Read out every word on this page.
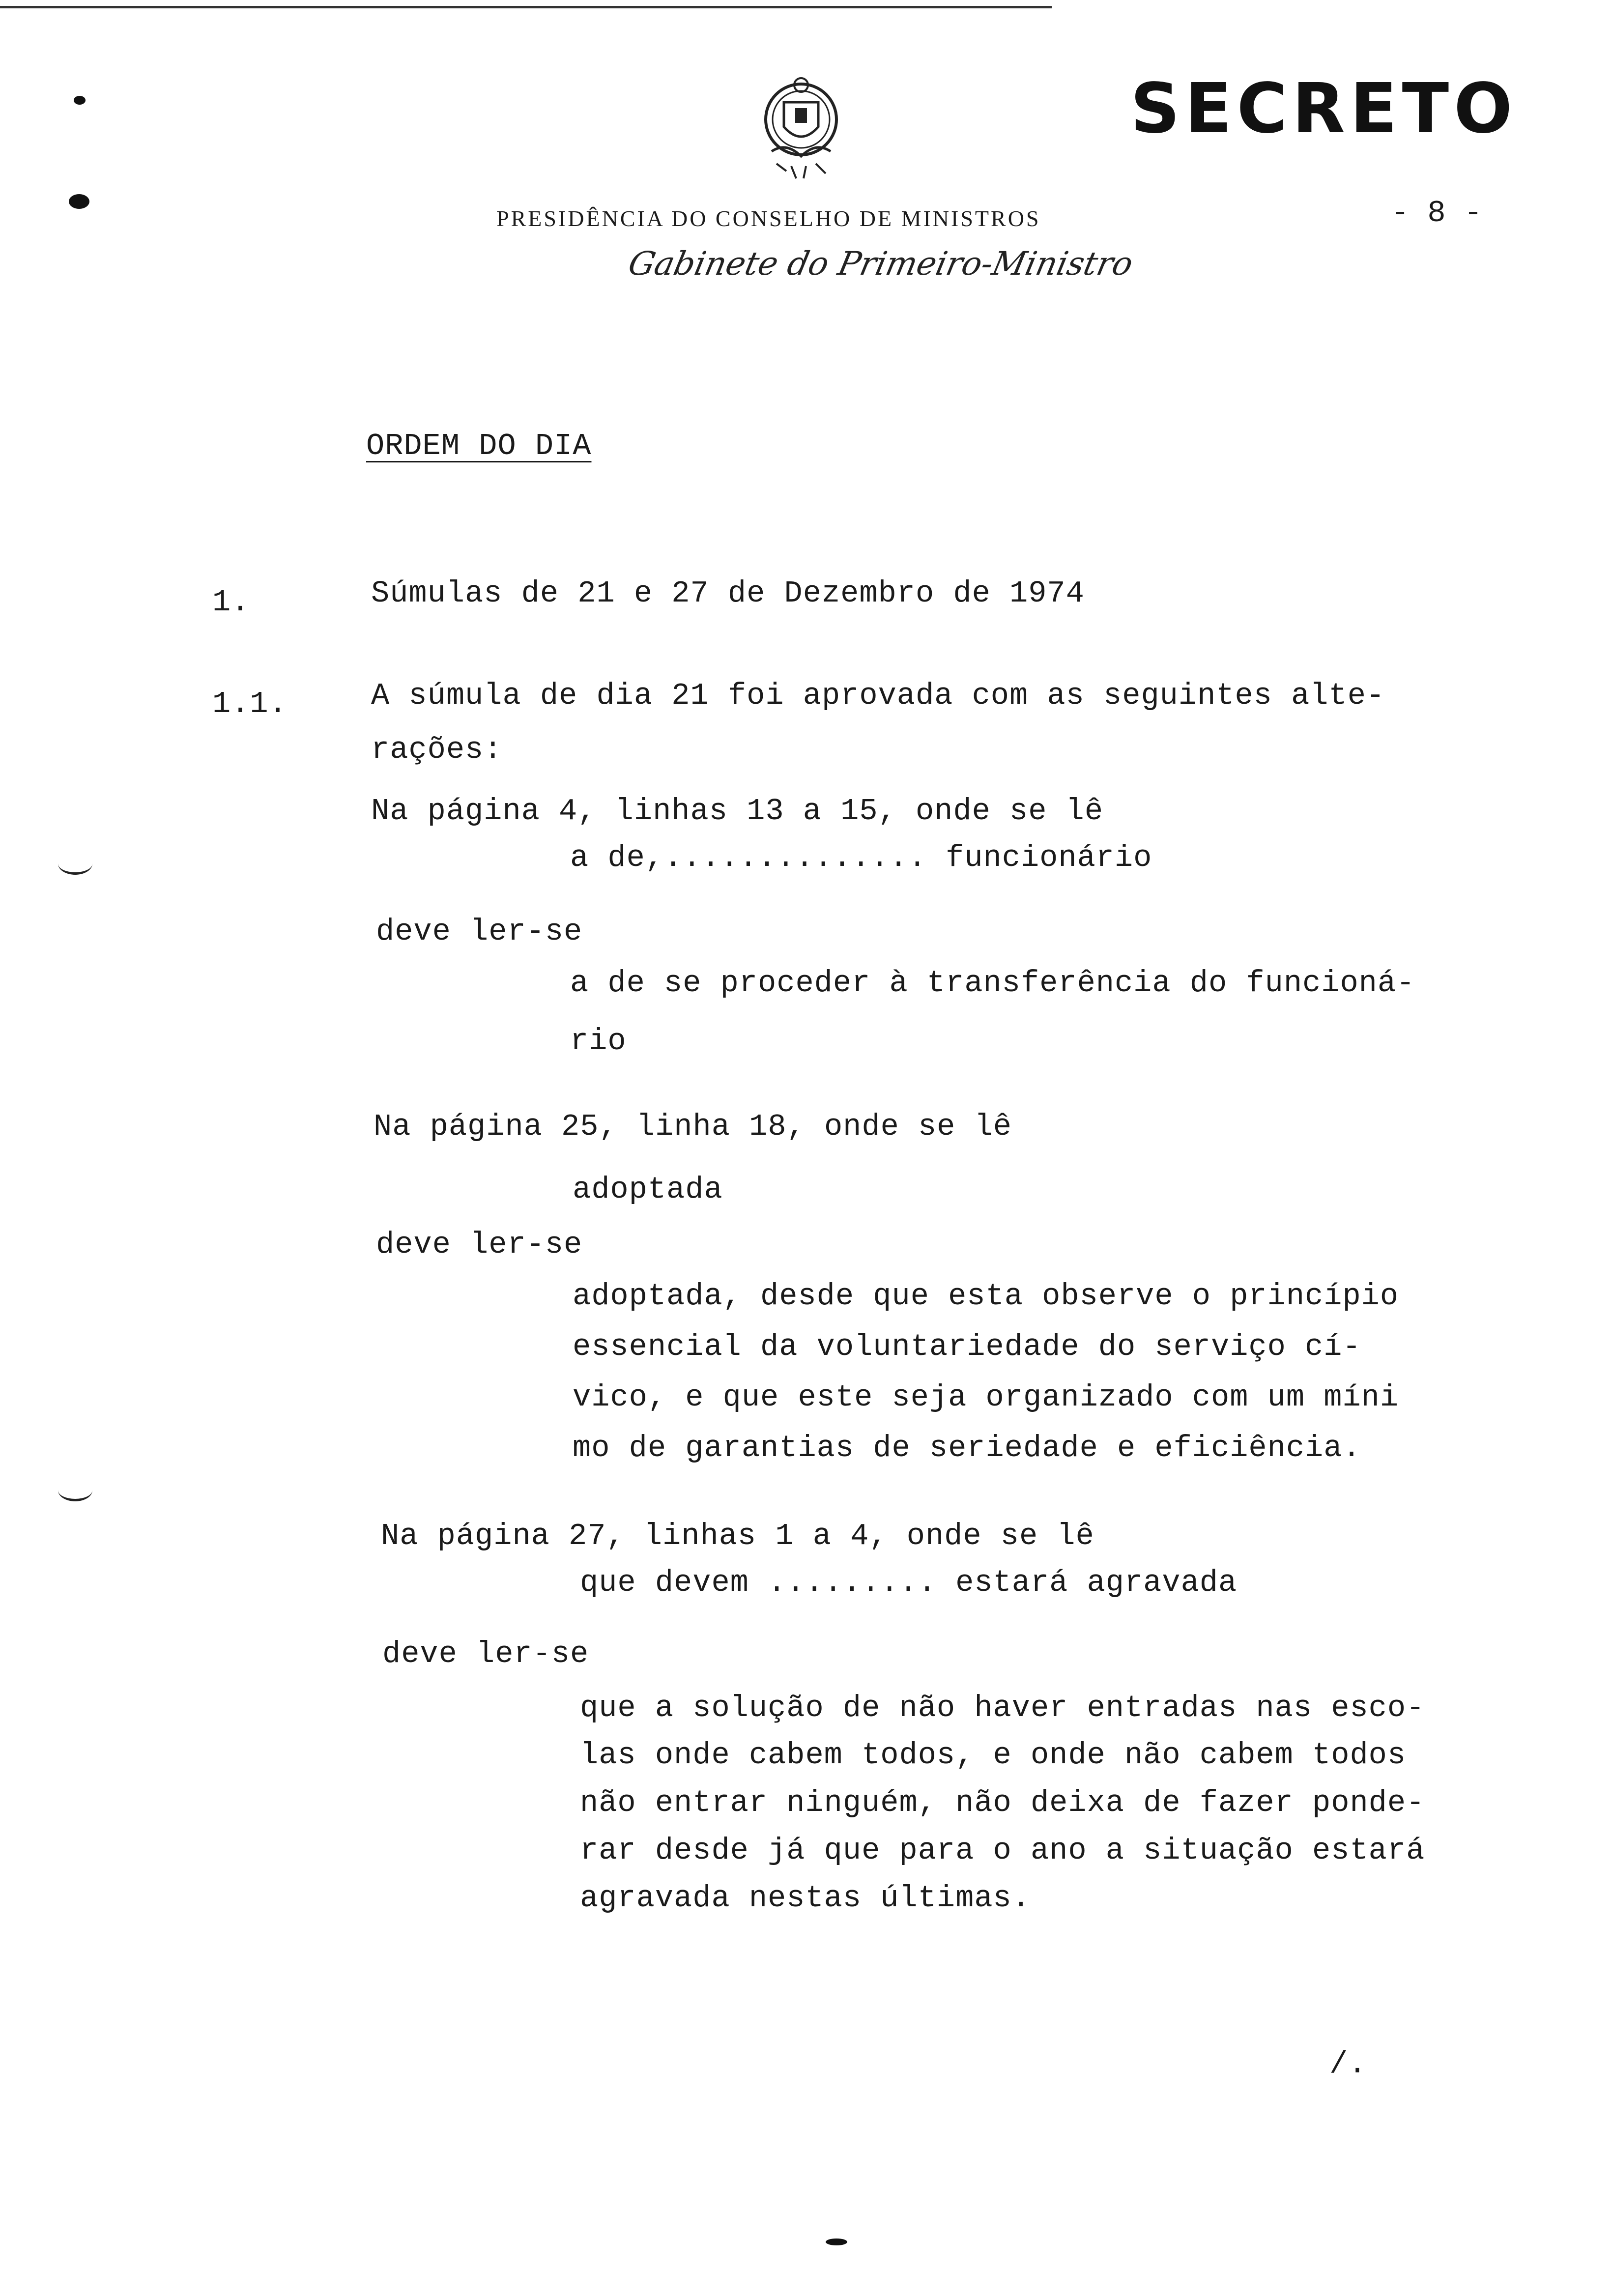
SECRETO
PRESIDÊNCIA DO CONSELHO DE MINISTROS	- 8 -
Gabinete do Primeiro-Ministro
ORDEM DO DIA
1.	Súmulas de 21 e 27 de Dezembro de 1974
1.1.	A súmula de dia 21 foi aprovada com as seguintes alte-
rações:
Na página 4, linhas 13 a 15, onde se lê
a de,.............. funcionário
deve ler-se
a de se proceder à transferência do funcioná-
rio
Na página 25, linha 18, onde se lê
adoptada
deve ler-se
adoptada, desde que esta observe o princípio
essencial da voluntariedade do serviço cí-
vico, e que este seja organizado com um míni
mo de garantias de seriedade e eficiência.
Na página 27, linhas 1 a 4, onde se lê
que devem ......... estará agravada
deve ler-se
que a solução de não haver entradas nas esco-
las onde cabem todos, e onde não cabem todos
não entrar ninguém, não deixa de fazer ponde-
rar desde já que para o ano a situação estará
agravada nestas últimas.
/.
